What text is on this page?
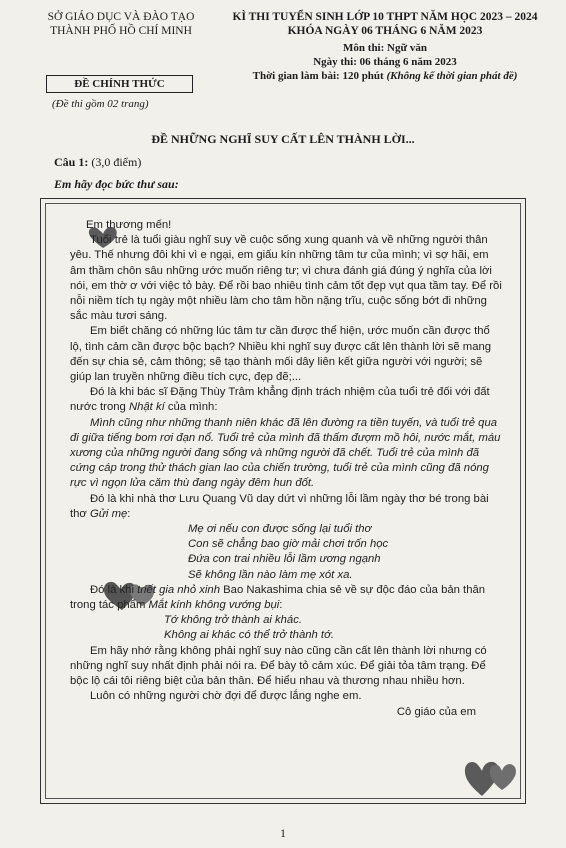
SỞ GIÁO DỤC VÀ ĐÀO TẠO
THÀNH PHỐ HỒ CHÍ MINH
ĐỀ CHÍNH THỨC
(Đề thi gồm 02 trang)
KÌ THI TUYỂN SINH LỚP 10 THPT NĂM HỌC 2023 – 2024
KHÓA NGÀY 06 THÁNG 6 NĂM 2023
Môn thi: Ngữ văn
Ngày thi: 06 tháng 6 năm 2023
Thời gian làm bài: 120 phút (Không kể thời gian phát đề)
ĐỀ NHỮNG NGHĨ SUY CẤT LÊN THÀNH LỜI...
Câu 1: (3,0 điểm)
Em hãy đọc bức thư sau:

Em thương mến!

Tuổi trẻ là tuổi giàu nghĩ suy về cuộc sống xung quanh và về những người thân yêu. Thế nhưng đôi khi vì e ngại, em giấu kín những tâm tư của mình; vì sợ hãi, em âm thầm chôn sâu những ước muốn riêng tư; vì chưa đánh giá đúng ý nghĩa của lời nói, em thờ ơ với việc tỏ bày. Để rồi bao nhiêu tình cảm tốt đẹp vụt qua tầm tay. Để rồi nỗi niềm tích tụ ngày một nhiều làm cho tâm hồn nặng trĩu, cuộc sống bớt đi những sắc màu tươi sáng.

Em biết chăng có những lúc tâm tư cần được thể hiện, ước muốn cần được thổ lộ, tình cảm cần được bộc bạch? Nhiều khi nghĩ suy được cất lên thành lời sẽ mang đến sự chia sẻ, cảm thông; sẽ tạo thành mối dây liên kết giữa người với người; sẽ giúp lan truyền những điều tích cực, đẹp đẽ;...

Đó là khi bác sĩ Đặng Thùy Trâm khẳng định trách nhiệm của tuổi trẻ đối với đất nước trong Nhật kí của mình:

Mình cũng như những thanh niên khác đã lên đường ra tiền tuyến, và tuổi trẻ qua đi giữa tiếng bom rơi đạn nổ. Tuổi trẻ của mình đã thấm đượm mồ hôi, nước mắt, máu xương của những người đang sống và những người đã chết. Tuổi trẻ của mình đã cứng cáp trong thử thách gian lao của chiến trường, tuổi trẻ của mình cũng đã nóng rực vì ngọn lửa căm thù đang ngày đêm hun đốt.

Đó là khi nhà thơ Lưu Quang Vũ day dứt vì những lỗi lầm ngày thơ bé trong bài thơ Gửi mẹ:

Mẹ ơi nếu con được sống lại tuổi thơ

Con sẽ chẳng bao giờ mải chơi trốn học

Đứa con trai nhiều lỗi lầm ương ngạnh

Sẽ không lần nào làm mẹ xót xa.

Đó là khi triết gia nhỏ xinh Bao Nakashima chia sẻ về sự độc đáo của bản thân trong tác phẩm Mắt kính không vướng bụi:

Tớ không trở thành ai khác.

Không ai khác có thể trở thành tớ.

Em hãy nhớ rằng không phải nghĩ suy nào cũng cần cất lên thành lời nhưng có những nghĩ suy nhất định phải nói ra. Để bày tỏ cảm xúc. Để giải tỏa tâm trạng. Để bộc lộ cái tôi riêng biệt của bản thân. Để hiểu nhau và thương nhau nhiều hơn.

Luôn có những người chờ đợi để được lắng nghe em.

Cô giáo của em

1
